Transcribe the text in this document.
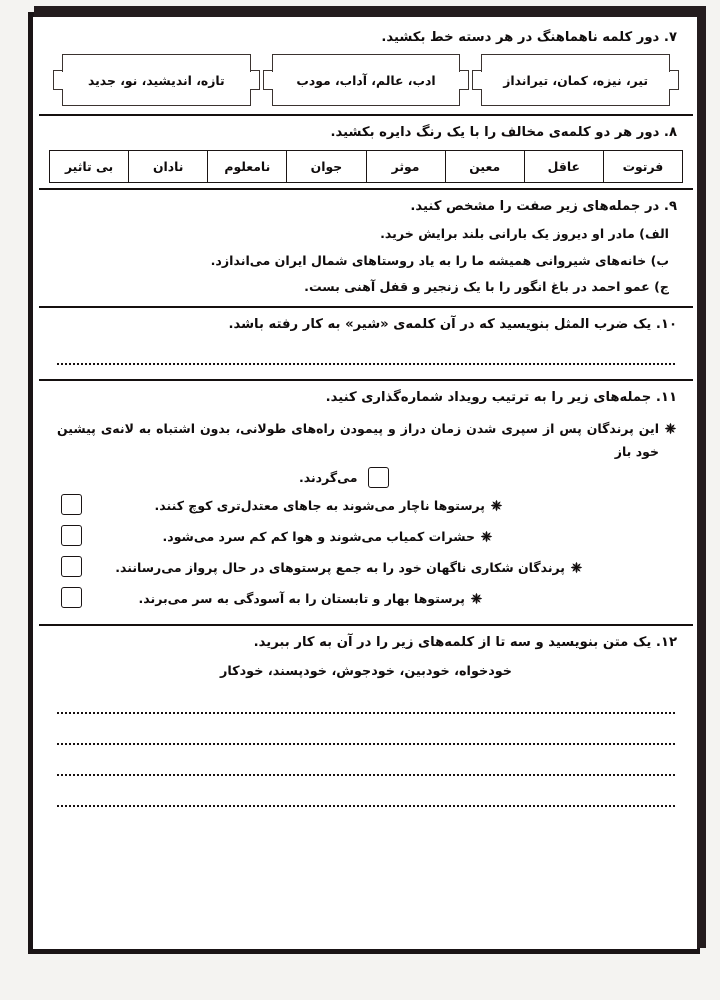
۷. دور کلمه ناهماهنگ در هر دسته خط بکشید.
تیر، نیزه، کمان، تیرانداز
ادب، عالم، آداب، مودب
تازه، اندیشید، نو، جدید
۸. دور هر دو کلمه‌ی مخالف را با یک رنگ دایره بکشید.
فرتوت	عاقل	معین	موثر	جوان	نامعلوم	نادان	بی تاثیر
۹. در جمله‌های زیر صفت را مشخص کنید.
الف) مادر او دیروز یک بارانی بلند برایش خرید.
ب) خانه‌های شیروانی همیشه ما را به یاد روستاهای شمال ایران می‌اندازد.
ج) عمو احمد در باغ انگور را با یک زنجیر و قفل آهنی بست.
۱۰. یک ضرب المثل بنویسید که در آن کلمه‌ی «شیر» به کار رفته باشد.
۱۱. جمله‌های زیر را به ترتیب رویداد شماره‌گذاری کنید.
این پرندگان پس از سپری شدن زمان دراز و پیمودن راه‌های طولانی، بدون اشتباه به لانه‌ی پیشین خود باز
می‌گردند.
پرستوها ناچار می‌شوند به جاهای معتدل‌تری کوچ کنند.
حشرات کمیاب می‌شوند و هوا کم کم سرد می‌شود.
پرندگان شکاری ناگهان خود را به جمع پرستوهای در حال پرواز می‌رسانند.
پرستوها بهار و تابستان را به آسودگی به سر می‌برند.
۱۲. یک متن بنویسید و سه تا از کلمه‌های زیر را در آن به کار ببرید.
خودخواه، خودبین، خودجوش، خودپسند، خودکار
